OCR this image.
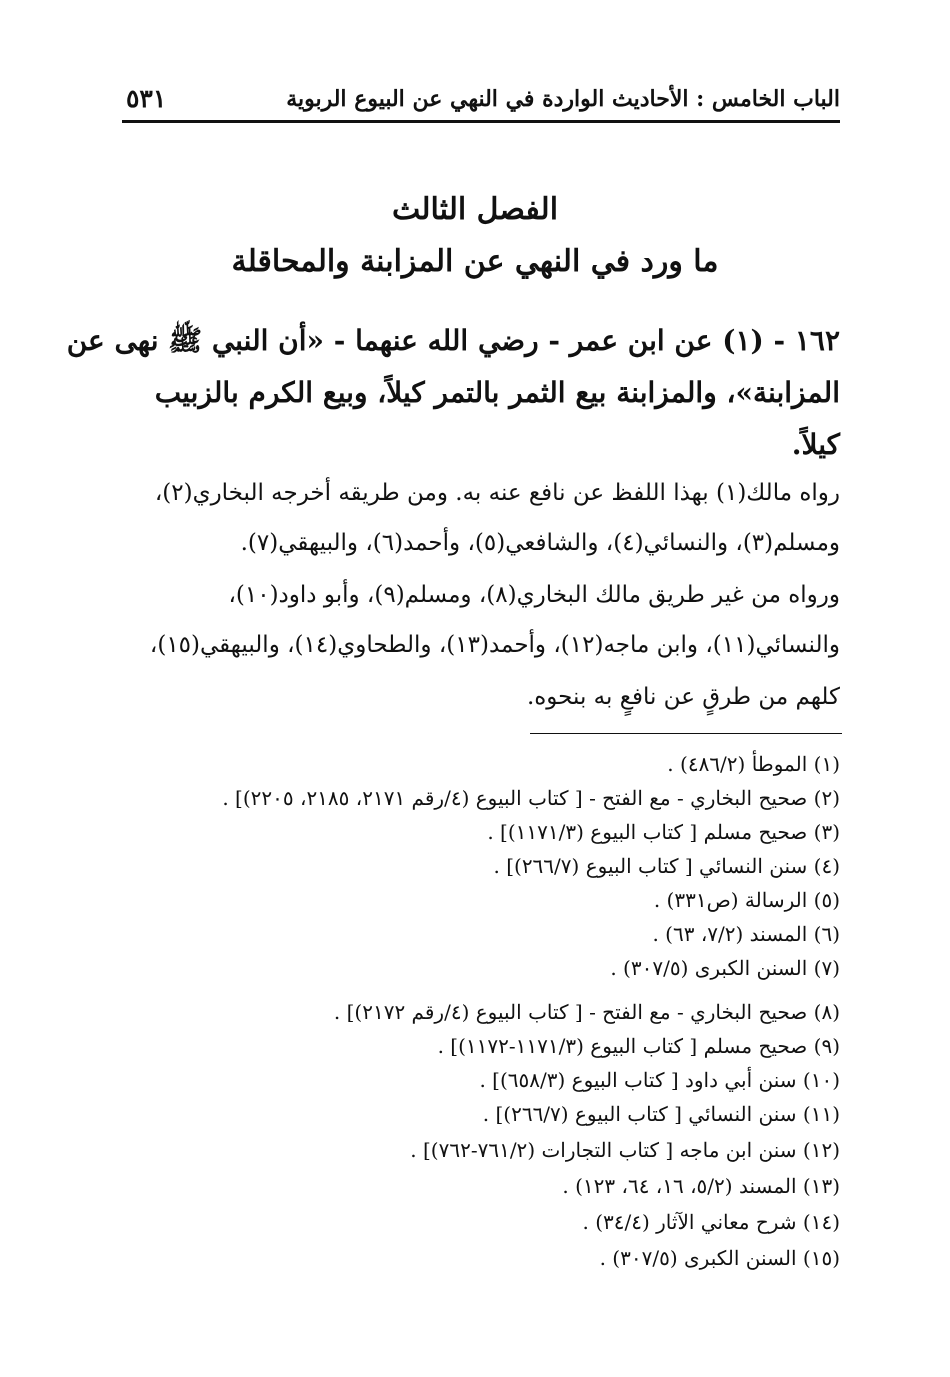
الباب الخامس : الأحاديث الواردة في النهي عن البيوع الربوية
٥٣١
الفصل الثالث
ما ورد في النهي عن المزابنة والمحاقلة
١٦٢ - (١) عن ابن عمر - رضي الله عنهما - «أن النبي ﷺ نهى عن
المزابنة»، والمزابنة بيع الثمر بالتمر كيلاً، وبيع الكرم بالزبيب
كيلاً.
رواه مالك(١) بهذا اللفظ عن نافع عنه به. ومن طريقه أخرجه البخاري(٢)،
ومسلم(٣)، والنسائي(٤)، والشافعي(٥)، وأحمد(٦)، والبيهقي(٧).
ورواه من غير طريق مالك البخاري(٨)، ومسلم(٩)، وأبو داود(١٠)،
والنسائي(١١)، وابن ماجه(١٢)، وأحمد(١٣)، والطحاوي(١٤)، والبيهقي(١٥)،
كلهم من طرقٍ عن نافعٍ به بنحوه.
(١) الموطأ (٤٨٦/٢) .
(٢) صحيح البخاري - مع الفتح - [ كتاب البيوع (٤/رقم ٢١٧١، ٢١٨٥، ٢٢٠٥)] .
(٣) صحيح مسلم [ كتاب البيوع (١١٧١/٣)] .
(٤) سنن النسائي [ كتاب البيوع (٢٦٦/٧)] .
(٥) الرسالة (ص٣٣١) .
(٦) المسند (٧/٢، ٦٣) .
(٧) السنن الكبرى (٣٠٧/٥) .
(٨) صحيح البخاري - مع الفتح - [ كتاب البيوع (٤/رقم ٢١٧٢)] .
(٩) صحيح مسلم [ كتاب البيوع (١١٧١/٣-١١٧٢)] .
(١٠) سنن أبي داود [ كتاب البيوع (٦٥٨/٣)] .
(١١) سنن النسائي [ كتاب البيوع (٢٦٦/٧)] .
(١٢) سنن ابن ماجه [ كتاب التجارات (٧٦١/٢-٧٦٢)] .
(١٣) المسند (٥/٢، ١٦، ٦٤، ١٢٣) .
(١٤) شرح معاني الآثار (٣٤/٤) .
(١٥) السنن الكبرى (٣٠٧/٥) .
